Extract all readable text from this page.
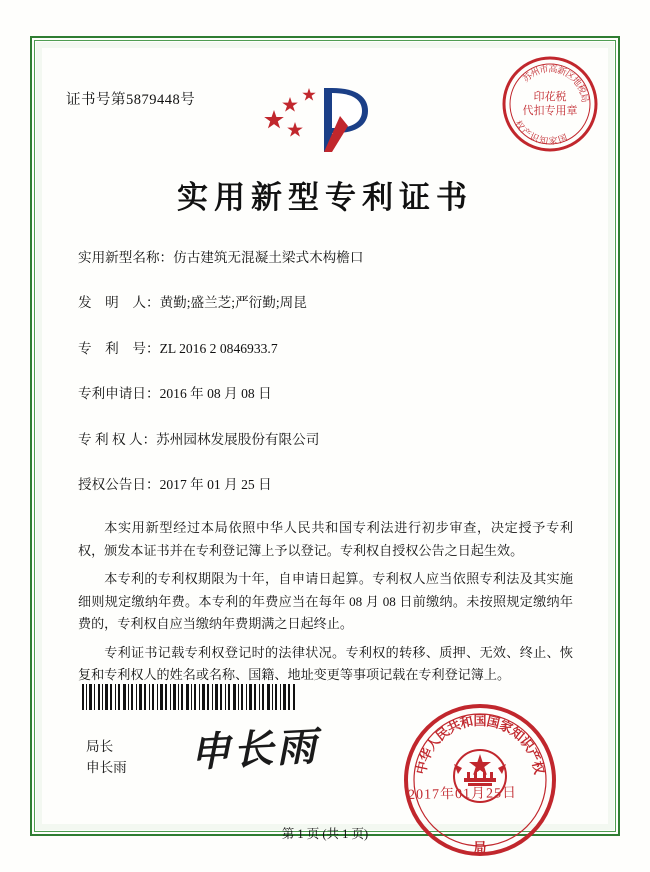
证书号第5879448号
苏
州
市
高
新
区
地
税
局
国
家
知
识
产
权
印花税
代扣专用章
实用新型专利证书
实用新型名称：仿古建筑无混凝土梁式木构檐口
发　明　人：黄勤;盛兰芝;严衍勤;周昆
专　利　号：ZL 2016 2 0846933.7
专利申请日：2016 年 08 月 08 日
专 利 权 人：苏州园林发展股份有限公司
授权公告日：2017 年 01 月 25 日

本实用新型经过本局依照中华人民共和国专利法进行初步审查，决定授予专利权，颁发本证书并在专利登记簿上予以登记。专利权自授权公告之日起生效。

本专利的专利权期限为十年，自申请日起算。专利权人应当依照专利法及其实施细则规定缴纳年费。本专利的年费应当在每年 08 月 08 日前缴纳。未按照规定缴纳年费的，专利权自应当缴纳年费期满之日起终止。

专利证书记载专利权登记时的法律状况。专利权的转移、质押、无效、终止、恢复和专利权人的姓名或名称、国籍、地址变更等事项记载在专利登记簿上。

局长
申长雨 申长雨	中
华
人
民
共
和
国
国
家
知
识
产
权
局
2017年01月25日
第 1 页 (共 1 页)
